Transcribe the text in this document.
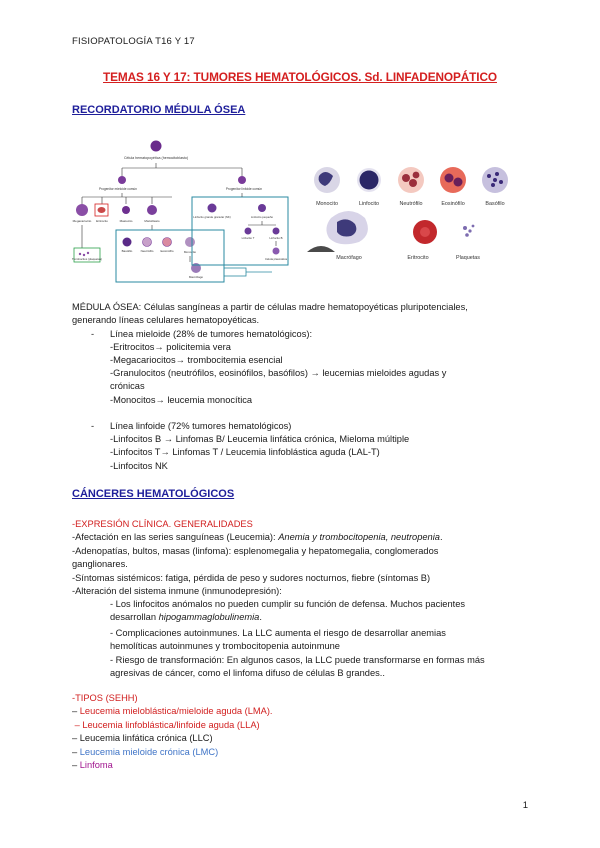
FISIOPATOLOGÍA T16 Y 17
TEMAS 16 Y 17: TUMORES HEMATOLÓGICOS. Sd. LINFADENOPÁTICO
RECORDATORIO MÉDULA ÓSEA
Célula hematopoyética (hemocitoblasto)
Progenitor mieloide común	Progenitor linfoide común
Megacariocito Eritrocito	Mastocito	Mieloblasto
Trombocitos (plaquetas)
Basófilo	Neutrófilo Eosinófilo	Monocito
Macrófago
Linfocito grande granular (NK)	Linfocito pequeño
Linfocito T	Linfocito B
Célula plasmática
Monocito	Linfocito	Neutrófilo	Eosinófilo	Basófilo
Macrófago	Eritrocito	Plaquetas
MÉDULA ÓSEA: Células sangíneas a partir de células madre hematopoyéticas pluripotenciales,
generando líneas celulares hematopoyéticas.
- Línea mieloide (28% de tumores hematológicos):
-Eritrocitos→ policitemia vera
-Megacariocitos→ trombocitemia esencial
-Granulocitos (neutrófilos, eosinófilos, basófilos) → leucemias mieloides agudas y
crónicas
-Monocitos→ leucemia monocítica
- Línea linfoide (72% tumores hematológicos)
-Linfocitos B → Linfomas B/ Leucemia linfática crónica, Mieloma múltiple
-Linfocitos T→ Linfomas T / Leucemia linfoblástica aguda (LAL-T)
-Linfocitos NK
CÁNCERES HEMATOLÓGICOS
-EXPRESIÓN CLÍNICA. GENERALIDADES
-Afectación en las series sanguíneas (Leucemia): Anemia y trombocitopenia, neutropenia.
-Adenopatías, bultos, masas (linfoma): esplenomegalia y hepatomegalia, conglomerados
ganglionares.
-Síntomas sistémicos: fatiga, pérdida de peso y sudores nocturnos, fiebre (síntomas B)
-Alteración del sistema inmune (inmunodepresión):
- Los linfocitos anómalos no pueden cumplir su función de defensa. Muchos pacientes
desarrollan hipogammaglobulinemia.
- Complicaciones autoinmunes. La LLC aumenta el riesgo de desarrollar anemias
hemolíticas autoinmunes y trombocitopenia autoinmune
- Riesgo de transformación: En algunos casos, la LLC puede transformarse en formas más
agresivas de cáncer, como el linfoma difuso de células B grandes..
-TIPOS (SEHH)
– Leucemia mieloblástica/mieloide aguda (LMA).
– Leucemia linfoblástica/linfoide aguda (LLA)
– Leucemia linfática crónica (LLC)
– Leucemia mieloide crónica (LMC)
– Linfoma
1
